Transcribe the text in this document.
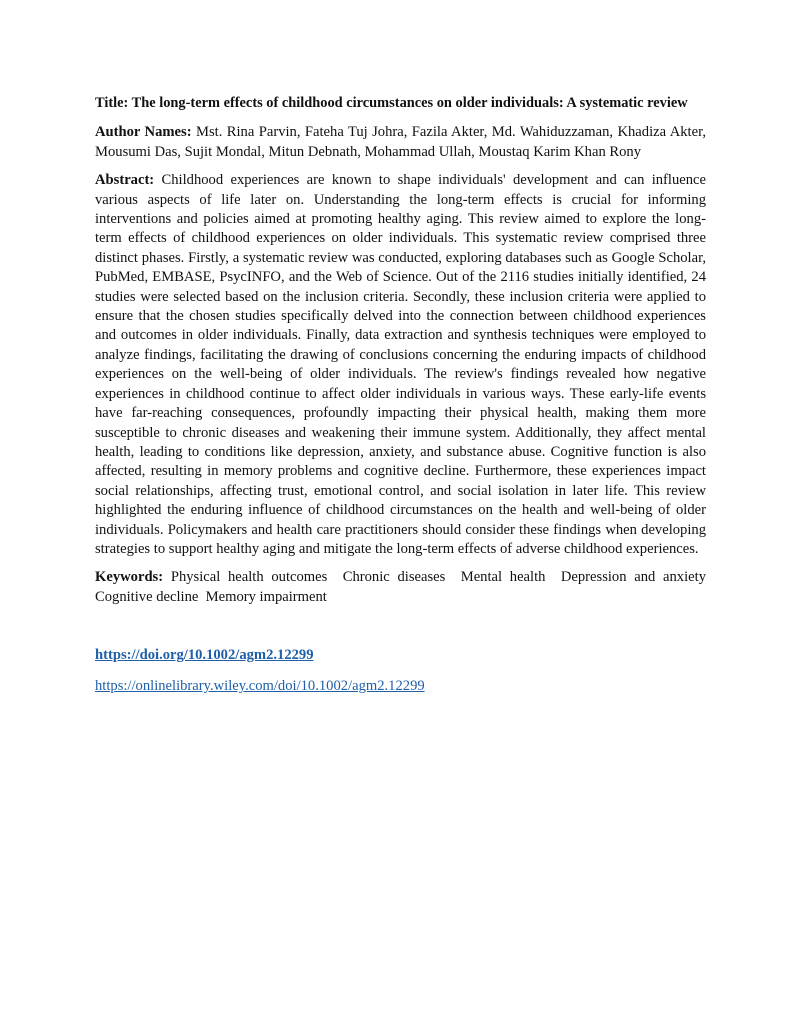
Title: The long-term effects of childhood circumstances on older individuals: A systematic review

Author Names: Mst. Rina Parvin, Fateha Tuj Johra, Fazila Akter, Md. Wahiduzzaman, Khadiza Akter, Mousumi Das, Sujit Mondal, Mitun Debnath, Mohammad Ullah, Moustaq Karim Khan Rony

Abstract: Childhood experiences are known to shape individuals' development and can influence various aspects of life later on. Understanding the long-term effects is crucial for informing interventions and policies aimed at promoting healthy aging. This review aimed to explore the long-term effects of childhood experiences on older individuals. This systematic review comprised three distinct phases. Firstly, a systematic review was conducted, exploring databases such as Google Scholar, PubMed, EMBASE, PsycINFO, and the Web of Science. Out of the 2116 studies initially identified, 24 studies were selected based on the inclusion criteria. Secondly, these inclusion criteria were applied to ensure that the chosen studies specifically delved into the connection between childhood experiences and outcomes in older individuals. Finally, data extraction and synthesis techniques were employed to analyze findings, facilitating the drawing of conclusions concerning the enduring impacts of childhood experiences on the well-being of older individuals. The review's findings revealed how negative experiences in childhood continue to affect older individuals in various ways. These early-life events have far-reaching consequences, profoundly impacting their physical health, making them more susceptible to chronic diseases and weakening their immune system. Additionally, they affect mental health, leading to conditions like depression, anxiety, and substance abuse. Cognitive function is also affected, resulting in memory problems and cognitive decline. Furthermore, these experiences impact social relationships, affecting trust, emotional control, and social isolation in later life. This review highlighted the enduring influence of childhood circumstances on the health and well-being of older individuals. Policymakers and health care practitioners should consider these findings when developing strategies to support healthy aging and mitigate the long-term effects of adverse childhood experiences.

Keywords: Physical health outcomes  Chronic diseases  Mental health  Depression and anxiety  Cognitive decline  Memory impairment

https://doi.org/10.1002/agm2.12299
https://onlinelibrary.wiley.com/doi/10.1002/agm2.12299
